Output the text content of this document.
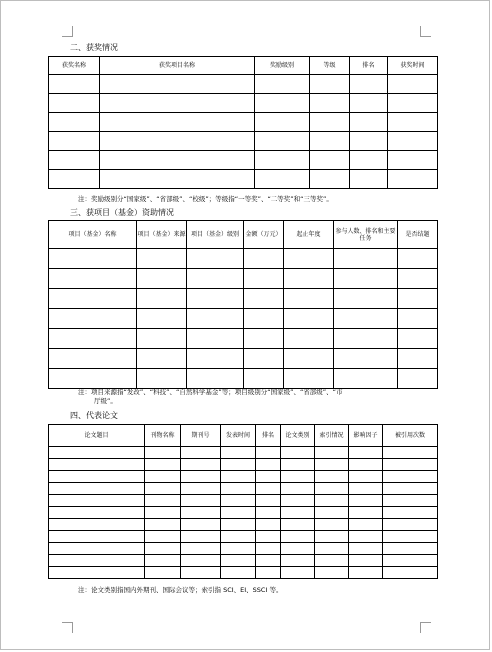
二、获奖情况
获奖名称	获奖项目名称	奖励级别	等级	排名	获奖时间

注：奖励级别分“国家级”、“省部级”、“校级”；等级指“一等奖”、“二等奖”和“三等奖”。
三、获项目（基金）资助情况
项目（基金）名称	项目（基金）来源	项目（基金）级别	金额（万元）	起止年度	参与人数、排名和主要任务	是否结题

注：项目来源指“发改”、“科技”、“自然科学基金”等；项目级别分“国家级”、“省部级”、“市
厅级”。
四、代表论文
论文题目	刊物名称	期刊号	发表时间	排名	论文类别	索引情况	影响因子	被引用次数

注：论文类别指国内外期刊、国际会议等；索引指 SCI、EI、SSCI 等。
